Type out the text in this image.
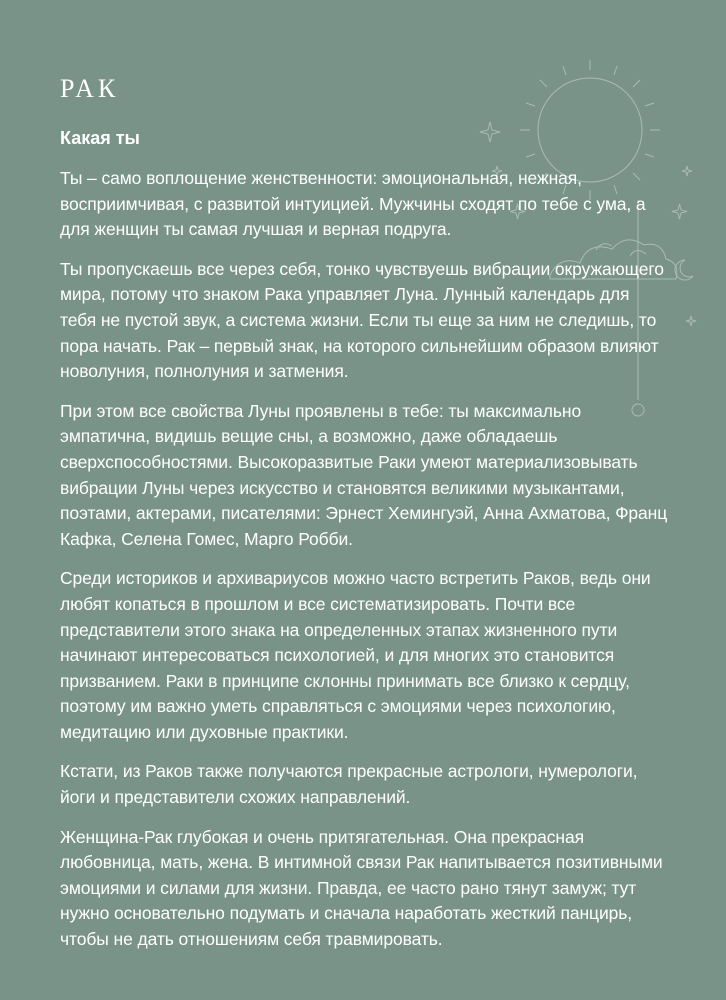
РАК
Какая ты

Ты – само воплощение женственности: эмоциональная, нежная, восприимчивая, с развитой интуицией. Мужчины сходят по тебе с ума, а для женщин ты самая лучшая и верная подруга.

Ты пропускаешь все через себя, тонко чувствуешь вибрации окружающего мира, потому что знаком Рака управляет Луна. Лунный календарь для тебя не пустой звук, а система жизни. Если ты еще за ним не следишь, то пора начать. Рак – первый знак, на которого сильнейшим образом влияют новолуния, полнолуния и затмения.

При этом все свойства Луны проявлены в тебе: ты максимально эмпатична, видишь вещие сны, а возможно, даже обладаешь сверхспособностями. Высокоразвитые Раки умеют материализовывать вибрации Луны через искусство и становятся великими музыкантами, поэтами, актерами, писателями: Эрнест Хемингуэй, Анна Ахматова, Франц Кафка, Селена Гомес, Марго Робби.

Среди историков и архивариусов можно часто встретить Раков, ведь они любят копаться в прошлом и все систематизировать. Почти все представители этого знака на определенных этапах жизненного пути начинают интересоваться психологией, и для многих это становится призванием. Раки в принципе склонны принимать все близко к сердцу, поэтому им важно уметь справляться с эмоциями через психологию, медитацию или духовные практики.

Кстати, из Раков также получаются прекрасные астрологи, нумерологи, йоги и представители схожих направлений.

Женщина-Рак глубокая и очень притягательная. Она прекрасная любовница, мать, жена. В интимной связи Рак напитывается позитивными эмоциями и силами для жизни. Правда, ее часто рано тянут замуж; тут нужно основательно подумать и сначала наработать жесткий панцирь, чтобы не дать отношениям себя травмировать.
